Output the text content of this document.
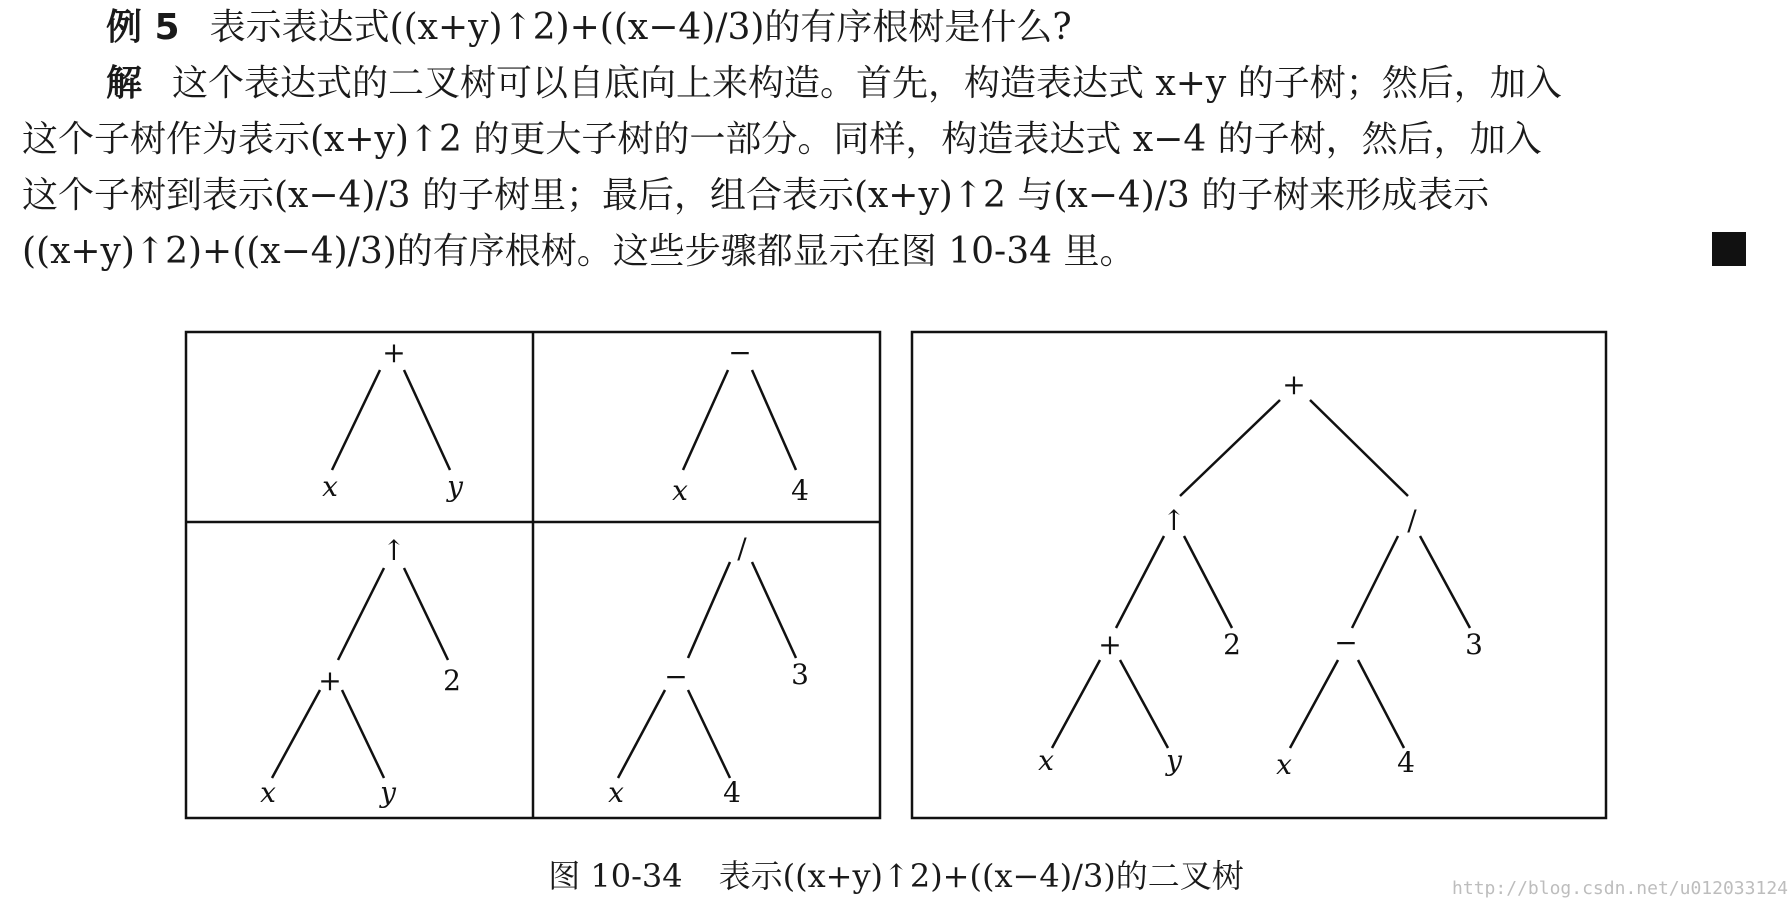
例 5 表示表达式((x+y)↑2)+((x−4)/3)的有序根树是什么?
解 这个表达式的二叉树可以自底向上来构造。首先，构造表达式 x+y 的子树；然后，加入
这个子树作为表示(x+y)↑2 的更大子树的一部分。同样，构造表达式 x−4 的子树，然后，加入
这个子树到表示(x−4)/3 的子树里；最后，组合表示(x+y)↑2 与(x−4)/3 的子树来形成表示
((x+y)↑2)+((x−4)/3)的有序根树。这些步骤都显示在图 10-34 里。
+
x	y
−
x	4
↑
+	2
x	y
/
−	3
x	4
+
↑	/
+	2	−	3
x	y	x	4
图 10-34 表示((x+y)↑2)+((x−4)/3)的二叉树	http://blog.csdn.net/u012033124
